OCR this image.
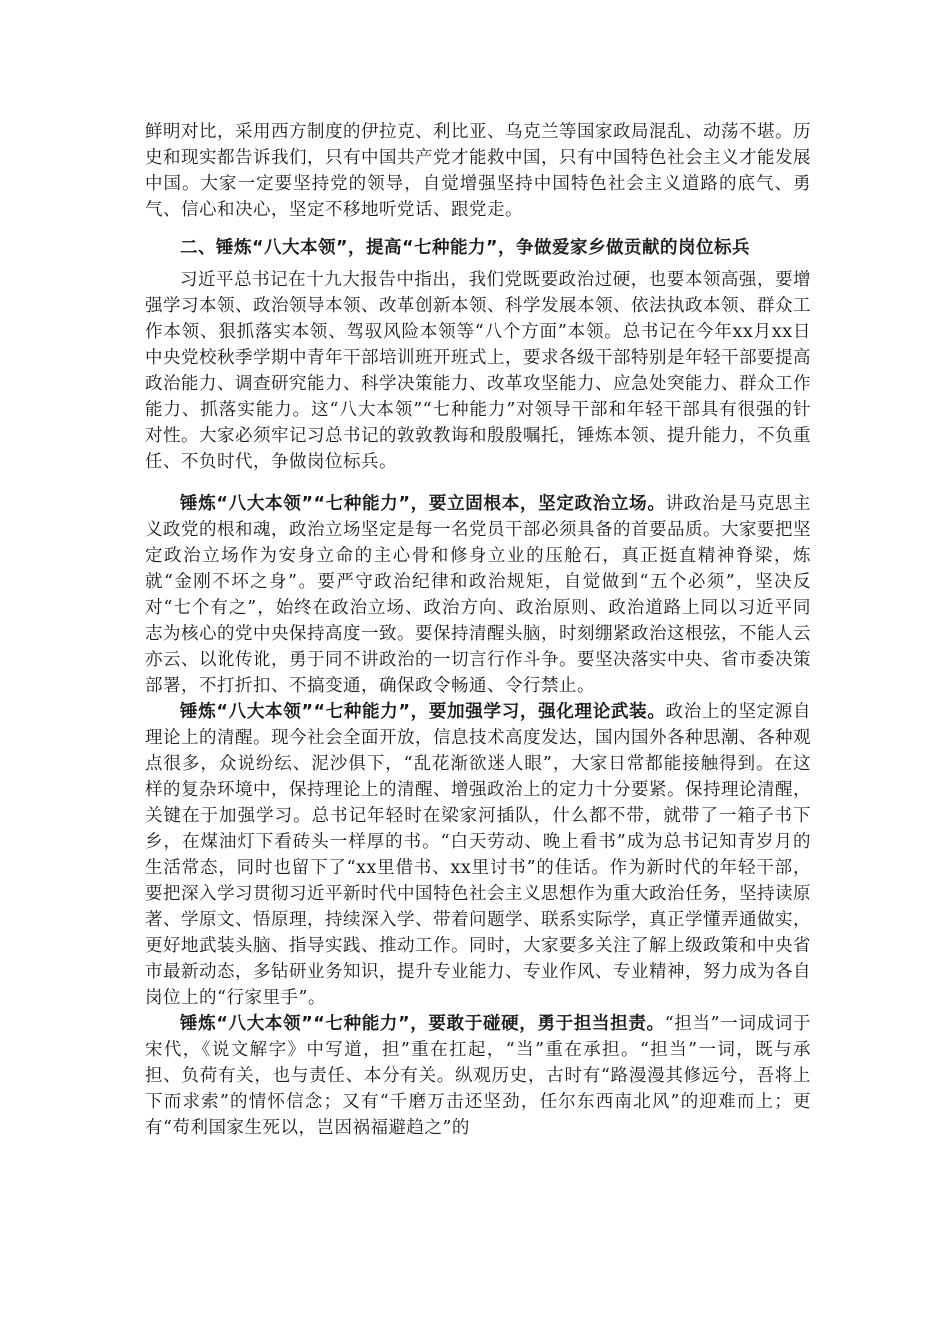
鲜明对比，采用西方制度的伊拉克、利比亚、乌克兰等国家政局混乱、动荡不堪。历史和现实都告诉我们，只有中国共产党才能救中国，只有中国特色社会主义才能发展中国。大家一定要坚持党的领导，自觉增强坚持中国特色社会主义道路的底气、勇气、信心和决心，坚定不移地听党话、跟党走。

二、锤炼“八大本领”，提高“七种能力”，争做爱家乡做贡献的岗位标兵

习近平总书记在十九大报告中指出，我们党既要政治过硬，也要本领高强，要增强学习本领、政治领导本领、改革创新本领、科学发展本领、依法执政本领、群众工作本领、狠抓落实本领、驾驭风险本领等“八个方面”本领。总书记在今年xx月xx日中央党校秋季学期中青年干部培训班开班式上，要求各级干部特别是年轻干部要提高政治能力、调查研究能力、科学决策能力、改革攻坚能力、应急处突能力、群众工作能力、抓落实能力。这“八大本领”“七种能力”对领导干部和年轻干部具有很强的针对性。大家必须牢记习总书记的敦敦教诲和殷殷嘱托，锤炼本领、提升能力，不负重任、不负时代，争做岗位标兵。

锤炼“八大本领”“七种能力”，要立固根本，坚定政治立场。讲政治是马克思主义政党的根和魂，政治立场坚定是每一名党员干部必须具备的首要品质。大家要把坚定政治立场作为安身立命的主心骨和修身立业的压舱石，真正挺直精神脊梁，炼就“金刚不坏之身”。要严守政治纪律和政治规矩，自觉做到“五个必须”，坚决反对“七个有之”，始终在政治立场、政治方向、政治原则、政治道路上同以习近平同志为核心的党中央保持高度一致。要保持清醒头脑，时刻绷紧政治这根弦，不能人云亦云、以讹传讹，勇于同不讲政治的一切言行作斗争。要坚决落实中央、省市委决策部署，不打折扣、不搞变通，确保政令畅通、令行禁止。

锤炼“八大本领”“七种能力”，要加强学习，强化理论武装。政治上的坚定源自理论上的清醒。现今社会全面开放，信息技术高度发达，国内国外各种思潮、各种观点很多，众说纷纭、泥沙俱下，“乱花渐欲迷人眼”，大家日常都能接触得到。在这样的复杂环境中，保持理论上的清醒、增强政治上的定力十分要紧。保持理论清醒，关键在于加强学习。总书记年轻时在梁家河插队，什么都不带，就带了一箱子书下乡，在煤油灯下看砖头一样厚的书。“白天劳动、晚上看书”成为总书记知青岁月的生活常态，同时也留下了“xx里借书、xx里讨书”的佳话。作为新时代的年轻干部，要把深入学习贯彻习近平新时代中国特色社会主义思想作为重大政治任务，坚持读原著、学原文、悟原理，持续深入学、带着问题学、联系实际学，真正学懂弄通做实，更好地武装头脑、指导实践、推动工作。同时，大家要多关注了解上级政策和中央省市最新动态，多钻研业务知识，提升专业能力、专业作风、专业精神，努力成为各自岗位上的“行家里手”。

锤炼“八大本领”“七种能力”，要敢于碰硬，勇于担当担责。“担当”一词成词于宋代，《说文解字》中写道，担”重在扛起，“当”重在承担。“担当”一词，既与承担、负荷有关，也与责任、本分有关。纵观历史，古时有“路漫漫其修远兮，吾将上下而求索”的情怀信念；又有“千磨万击还坚劲，任尔东西南北风”的迎难而上；更有“苟利国家生死以，岂因祸福避趋之”的
